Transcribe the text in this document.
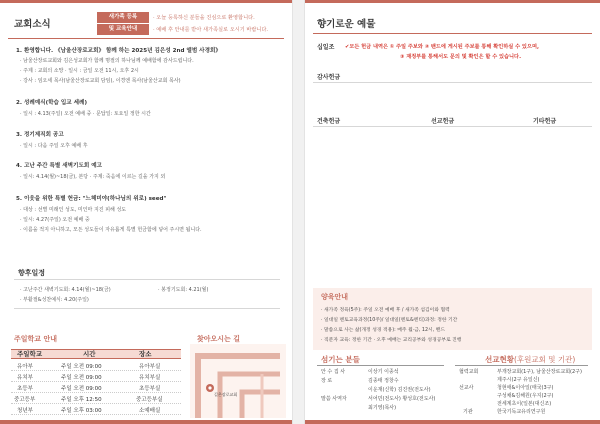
교회소식
새가족 등록
및 교육안내
· 오늘 등록하신 분들을 진심으로 환영합니다.
· 예배 후 안내를 받아 새가족실로 오시기 바랍니다.
1. 환영합니다. 《남울산장로교회》 함께 하는 2025년 김은성 2nd 앨범 사경회》
· 남울산장로교회와 김은성교회가 함께 명절의 하나님께 예배함에 감사드립니다.
· 주제 : 교회의 소망 · 일시 : 금일 오전 11시, 오후 2시
· 강사 : 임오세 목사(남울산장로교회 담임), 이경엔 목사(남울산교회 목사)
2. 성례예식(학습 입교 세례)
· 일시 : 4.13(주일) 오전 예배 중 · 문답일: 토요일 정한 시간
3. 정기제직회 공고
· 일시 : 다음 주일 오후 예배 후
4. 고난 주간 특별 새벽기도회 예고
· 일시: 4.14(월)~18(금), 본당 · 주제: 죽음에 이르는 길을 가지 외
5. 이웃을 위한 특별 헌금: "느헤미야(하나님의 위로) seed"
· 대상 : 선별 미래인 성도, 미인마 지진 피해 성도
· 일시: 4.27(주일) 오전 예배 중
· 이름을 적지 아니하고, 모든 성도들이 자유롭게 특별 헌금함에 넣어 주시면 됩니다.
향후일정
· 고난주간 새벽기도회: 4.14(월)~18(금)	· 봉정기도회: 4.21(월)
· 부활절&성찬예식: 4.20(주일)
주일학교 안내
주일학교	시간	장소
유아부	주일 오전 09:00	유아부실
유치부	주일 오전 09:00	유치부실
초등부	주일 오전 09:00	초등부실
중고등부	주일 오후 12:50	중고등부실
청년부	주일 오후 03:00	소예배실
찾아오시는 길
길은장로교회
향기로운 예물
십일조 ✔모든 헌금 내역은 ① 주일 주보와 ② 밴드에 게시된 주보를 통해 확인하실 수 있으며,
③ 재정부를 통해서도 문의 및 확인은 할 수 있습니다.
감사헌금
건축헌금	선교헌금	기타헌금
양육안내
· 새가족 정육(5주): 주일 오전 예배 후 / 새가족 섬김이와 협력
· 일대일 멘토교육과정(10주)/ 일대일(멘토&멘티)과정: 정한 기간
· 말씀으로 사는 삶(개정 성경 적용): 매주 월·금, 12시, 밴드
· 직분자 교육: 정한 기간 · 오후 예배는 교리공부와 성경공부로 진행
섬기는 분들
안 수 집 사	이상기 이종석
장 로	김종태 정창수
이운재(신학) 김진권(전도사)
말씀 사역자	서어민(전도사) 황성호(전도사)
최기영(목사)
선교현황(후원교회 및 기관)
협력교회	부개장교회(1구), 남울산장로교회(2구)
제주시(2구 유일신)
선교사	청현애&이아일(태국(3구)
구성채&김해원(우지(2구)
전세계초이(일본(대신조)
기관	한국기독교유리연구원
